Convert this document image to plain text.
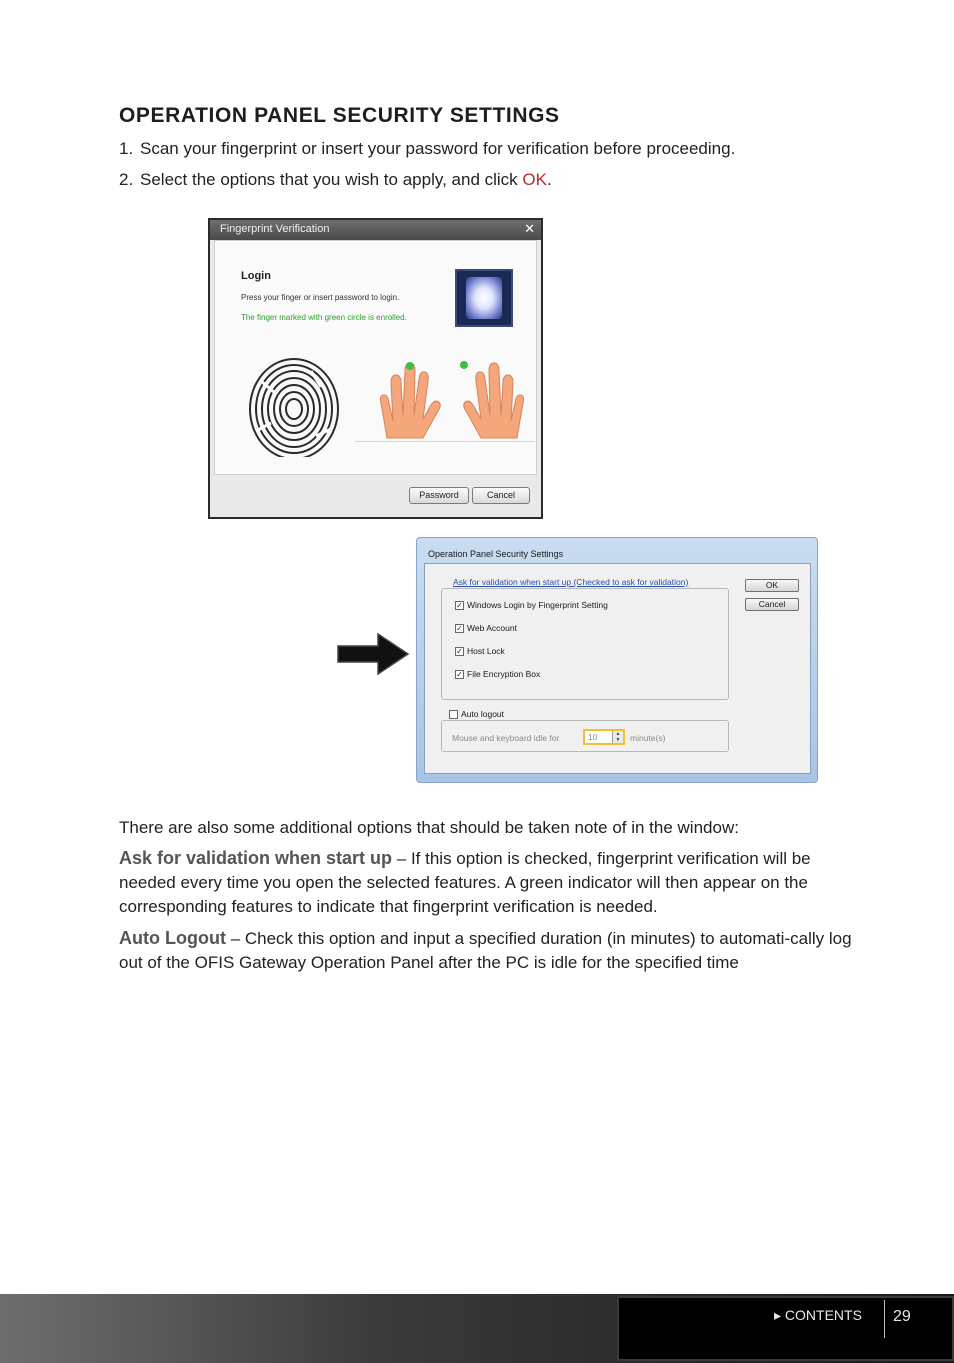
OPERATION PANEL SECURITY SETTINGS
1. Scan your fingerprint or insert your password for verification before proceeding.
2. Select the options that you wish to apply, and click OK.
Fingerprint Verification	✕
Login
Press your finger or insert password to login.
The finger marked with green circle is enrolled.
Password	Cancel
Operation Panel Security Settings
Ask for validation when start up (Checked to ask for validation)
✓ Windows Login by Fingerprint Setting
✓ Web Account
✓ Host Lock
✓ File Encryption Box
OK
Cancel
Auto logout
Mouse and keyboard idle for	10	▲
▼ minute(s)
There are also some additional options that should be taken note of in the window:
Ask for validation when start up – If this option is checked, fingerprint verification will be needed every time you open the selected features. A green indicator will then appear on the corresponding features to indicate that fingerprint verification is needed.
Auto Logout – Check this option and input a specified duration (in minutes) to automati-cally log out of the OFIS Gateway Operation Panel after the PC is idle for the specified time
▸ CONTENTS 29
